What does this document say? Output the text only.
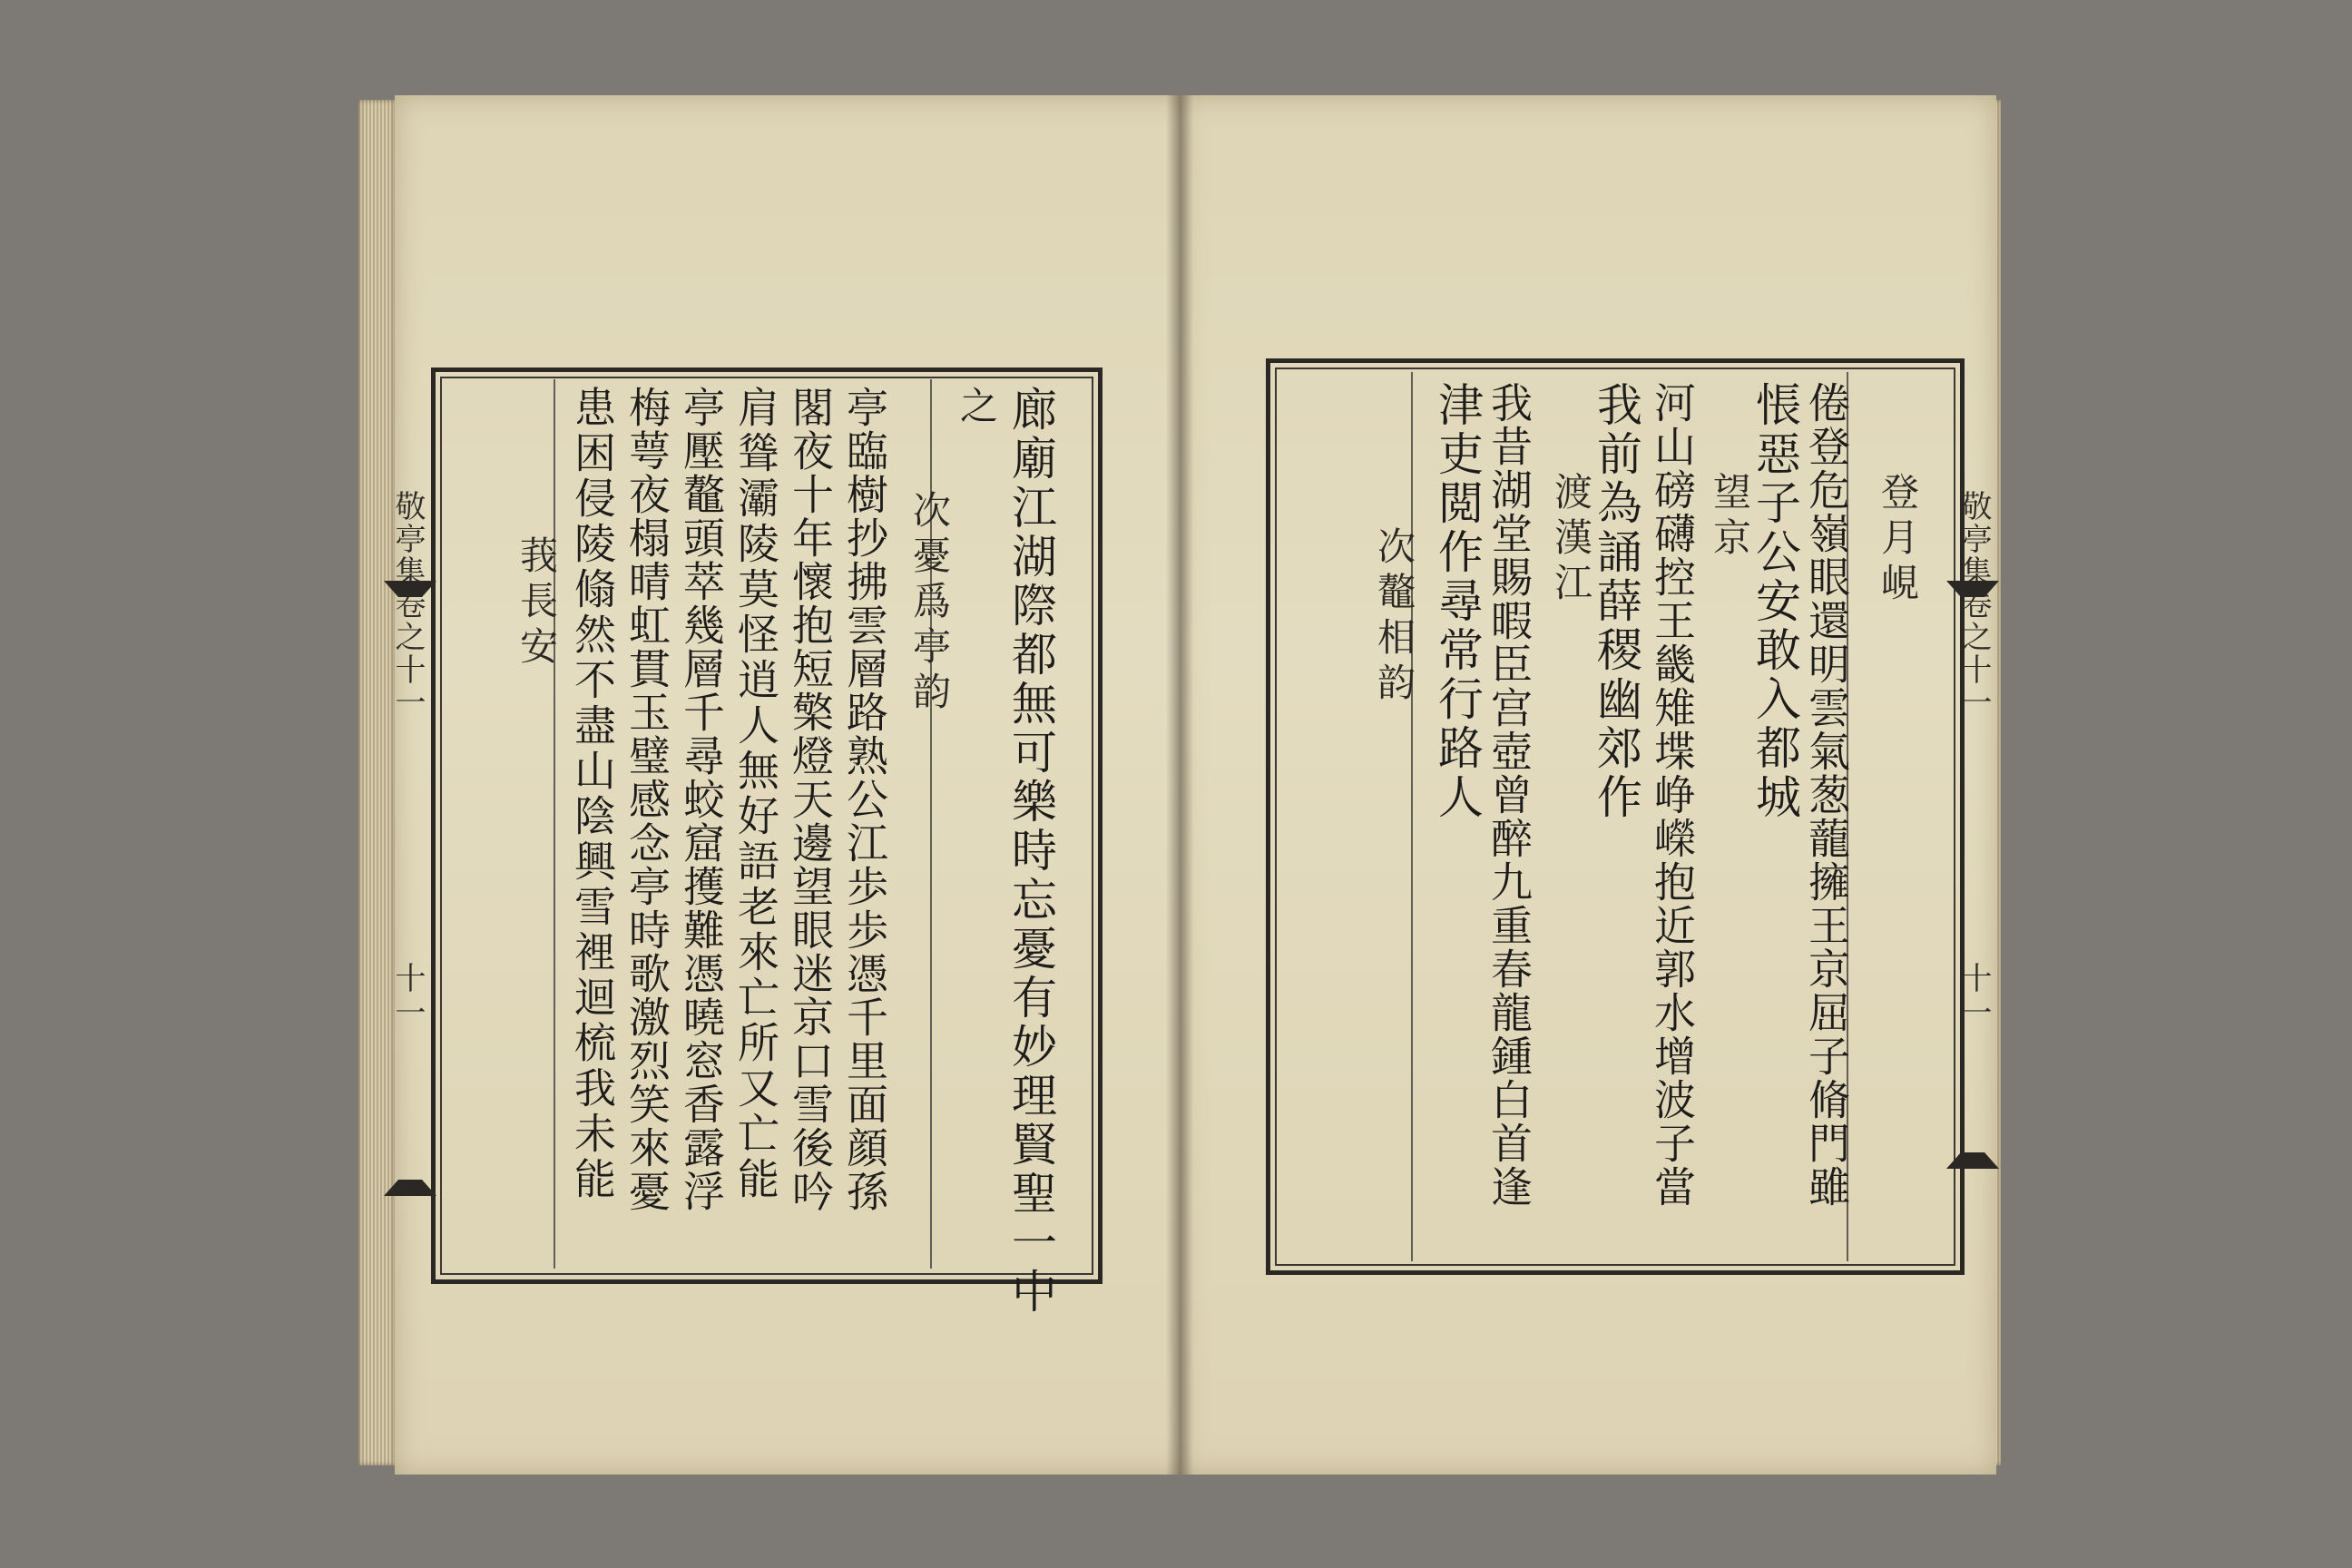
敬亭集卷之十一
十一	廊廟江湖際都無可樂時忘憂有妙理賢聖一中
之
次憂爲亭韵
亭臨樹抄拂雲層路熟公江歩歩憑千里面顔孫
閣夜十年懷抱短檠燈天邊望眼迷京口雪後吟
肩聳灞陵莫怪逍人無好語老來亡所又亡能
亭壓鼇頭萃幾層千尋蛟窟擭難憑曉窓香露浮
梅萼夜榻晴虹貫玉璧感念亭時歌激烈笑來憂
患困侵陵翛然不盡山陰興雪裡迴梳我未能
莪長安	敬亭集卷之十一
十一
登月峴
倦登危嶺眼還明雲氣葱蘢擁王京屈子脩門雖
悵惡子公安敢入都城
望京
河山磅礴控王畿雉堞峥嶸抱近郭水增波子當
我前為誦薛稷幽郊作
渡漢江
我昔湖堂賜暇臣宫壺曾醉九重春龍鍾白首逢
津吏閲作尋常行路人
次鼇相韵
